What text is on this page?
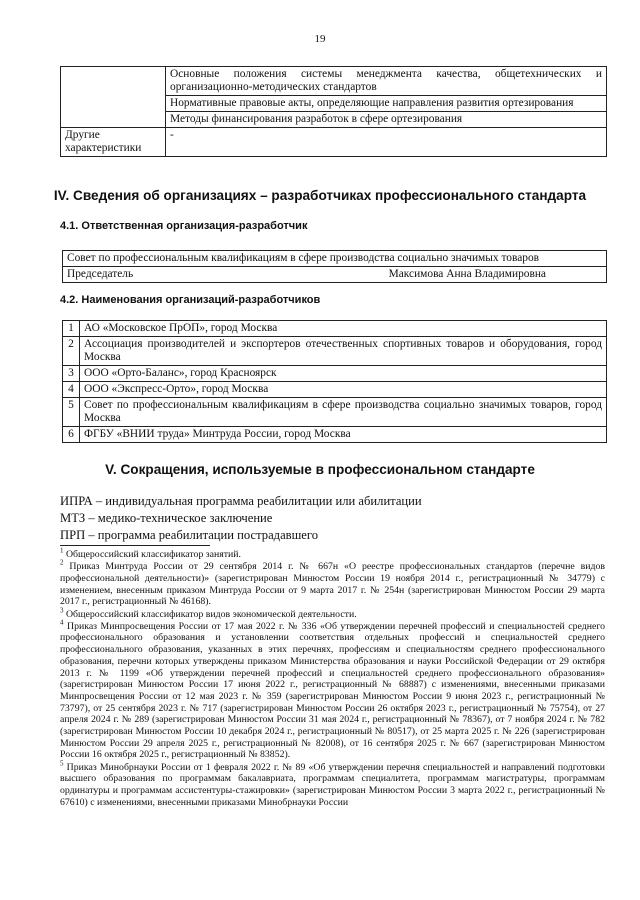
19
	Основные положения системы менеджмента качества, общетехнических и организационно-методических стандартов
	Нормативные правовые акты, определяющие направления развития ортезирования
	Методы финансирования разработок в сфере ортезирования
Другие характеристики	-
IV. Сведения об организациях – разработчиках профессионального стандарта
4.1. Ответственная организация-разработчик
Совет по профессиональным квалификациям в сфере производства социально значимых товаров
Председатель	Максимова Анна Владимировна
4.2. Наименования организаций-разработчиков
1	АО «Московское ПрОП», город Москва
2	Ассоциация производителей и экспортеров отечественных спортивных товаров и оборудования, город Москва
3	ООО «Орто-Баланс», город Красноярск
4	ООО «Экспресс-Орто», город Москва
5	Совет по профессиональным квалификациям в сфере производства социально значимых товаров, город Москва
6	ФГБУ «ВНИИ труда» Минтруда России, город Москва
V. Сокращения, используемые в профессиональном стандарте
ИПРА – индивидуальная программа реабилитации или абилитации
МТЗ – медико-техническое заключение
ПРП – программа реабилитации пострадавшего

$^1$ Общероссийский классификатор занятий.

$^2$ Приказ Минтруда России от 29 сентября 2014 г. № 667н «О реестре профессиональных стандартов (перечне видов профессиональной деятельности)» (зарегистрирован Минюстом России 19 ноября 2014 г., регистрационный № 34779) с изменением, внесенным приказом Минтруда России от 9 марта 2017 г. № 254н (зарегистрирован Минюстом России 29 марта 2017 г., регистрационный № 46168).

$^3$ Общероссийский классификатор видов экономической деятельности.

$^4$ Приказ Минпросвещения России от 17 мая 2022 г. № 336 «Об утверждении перечней профессий и специальностей среднего профессионального образования и установлении соответствия отдельных профессий и специальностей среднего профессионального образования, указанных в этих перечнях, профессиям и специальностям среднего профессионального образования, перечни которых утверждены приказом Министерства образования и науки Российской Федерации от 29 октября 2013 г. № 1199 «Об утверждении перечней профессий и специальностей среднего профессионального образования» (зарегистрирован Минюстом России 17 июня 2022 г., регистрационный № 68887) с изменениями, внесенными приказами Минпросвещения России от 12 мая 2023 г. № 359 (зарегистрирован Минюстом России 9 июня 2023 г., регистрационный № 73797), от 25 сентября 2023 г. № 717 (зарегистрирован Минюстом России 26 октября 2023 г., регистрационный № 75754), от 27 апреля 2024 г. № 289 (зарегистрирован Минюстом России 31 мая 2024 г., регистрационный № 78367), от 7 ноября 2024 г. № 782 (зарегистрирован Минюстом России 10 декабря 2024 г., регистрационный № 80517), от 25 марта 2025 г. № 226 (зарегистрирован Минюстом России 29 апреля 2025 г., регистрационный № 82008), от 16 сентября 2025 г. № 667 (зарегистрирован Минюстом России 16 октября 2025 г., регистрационный № 83852).

$^5$ Приказ Минобрнауки России от 1 февраля 2022 г. № 89 «Об утверждении перечня специальностей и направлений подготовки высшего образования по программам бакалавриата, программам специалитета, программам магистратуры, программам ординатуры и программам ассистентуры-стажировки» (зарегистрирован Минюстом России 3 марта 2022 г., регистрационный № 67610) с изменениями, внесенными приказами Минобрнауки России
